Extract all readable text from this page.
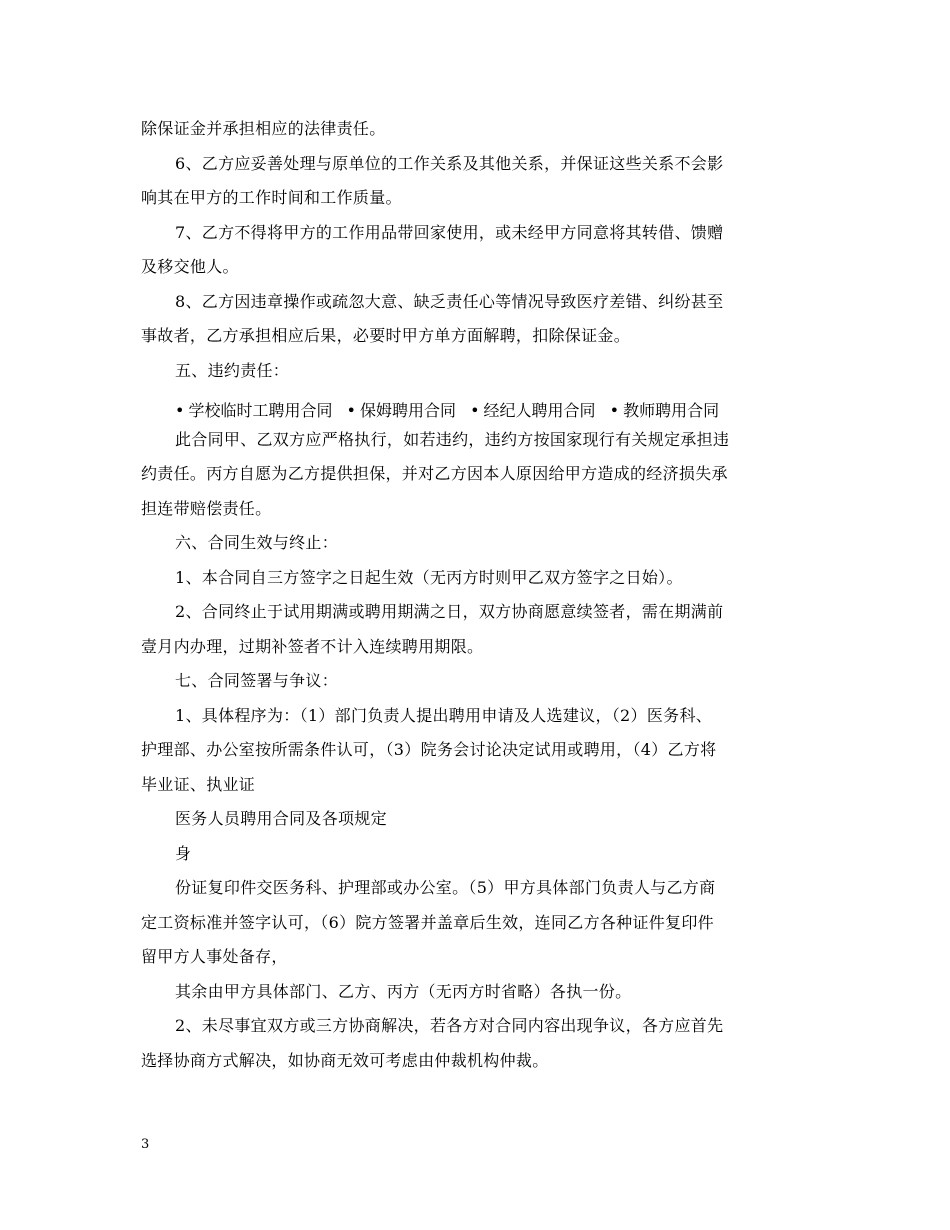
除保证金并承担相应的法律责任。
6、乙方应妥善处理与原单位的工作关系及其他关系，并保证这些关系不会影
响其在甲方的工作时间和工作质量。
7、乙方不得将甲方的工作用品带回家使用，或未经甲方同意将其转借、馈赠
及移交他人。
8、乙方因违章操作或疏忽大意、缺乏责任心等情况导致医疗差错、纠纷甚至
事故者，乙方承担相应后果，必要时甲方单方面解聘，扣除保证金。
五、违约责任：
• 学校临时工聘用合同 • 保姆聘用合同 • 经纪人聘用合同 • 教师聘用合同
此合同甲、乙双方应严格执行，如若违约，违约方按国家现行有关规定承担违
约责任。丙方自愿为乙方提供担保，并对乙方因本人原因给甲方造成的经济损失承
担连带赔偿责任。
六、合同生效与终止：
1、本合同自三方签字之日起生效（无丙方时则甲乙双方签字之日始）。
2、合同终止于试用期满或聘用期满之日，双方协商愿意续签者，需在期满前
壹月内办理，过期补签者不计入连续聘用期限。
七、合同签署与争议：
1、具体程序为：（1）部门负责人提出聘用申请及人选建议，（2）医务科、
护理部、办公室按所需条件认可，（3）院务会讨论决定试用或聘用，（4）乙方将
毕业证、执业证
医务人员聘用合同及各项规定
身
份证复印件交医务科、护理部或办公室。（5）甲方具体部门负责人与乙方商
定工资标准并签字认可，（6）院方签署并盖章后生效，连同乙方各种证件复印件
留甲方人事处备存，
其余由甲方具体部门、乙方、丙方（无丙方时省略）各执一份。
2、未尽事宜双方或三方协商解决，若各方对合同内容出现争议，各方应首先
选择协商方式解决，如协商无效可考虑由仲裁机构仲裁。
3
